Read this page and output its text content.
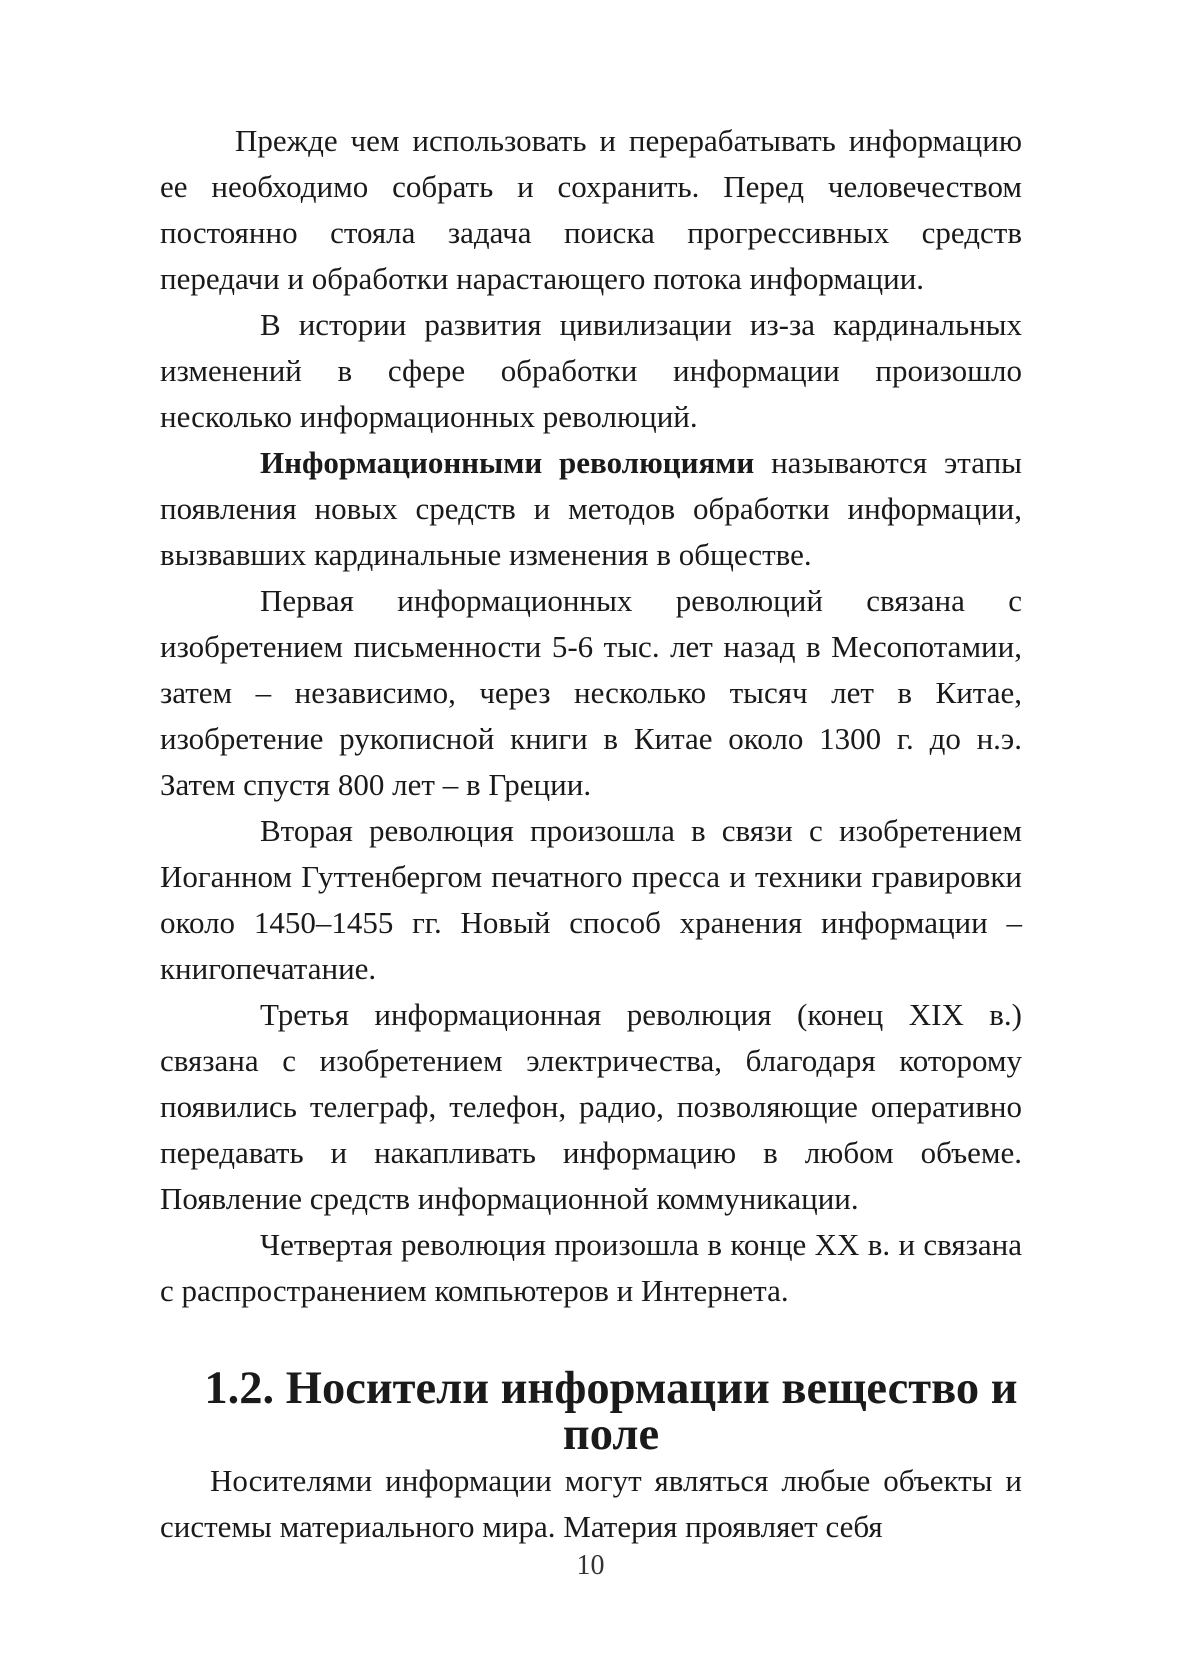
Прежде чем использовать и перерабатывать информацию ее необходимо собрать и сохранить. Перед человечеством постоянно стояла задача поиска прогрессивных средств передачи и обработки нарастающего потока информации.

В истории развития цивилизации из-за кардинальных изменений в сфере обработки информации произошло несколько информационных революций.

Информационными революциями называются этапы появления новых средств и методов обработки информации, вызвавших кардинальные изменения в обществе.

Первая информационных революций связана с изобретением письменности 5-6 тыс. лет назад в Месопотамии, затем – независимо, через несколько тысяч лет в Китае, изобретение рукописной книги в Китае около 1300 г. до н.э. Затем спустя 800 лет – в Греции.

Вторая революция произошла в связи с изобретением Иоганном Гуттенбергом печатного пресса и техники гравировки около 1450–1455 гг. Новый способ хранения информации – книгопечатание.

Третья информационная революция (конец XIX в.) связана с изобретением электричества, благодаря которому появились телеграф, телефон, радио, позволяющие оперативно передавать и накапливать информацию в любом объеме. Появление средств информационной коммуникации.

Четвертая революция произошла в конце XX в. и связана с распространением компьютеров и Интернета.

1.2. Носители информации вещество и поле

Носителями информации могут являться любые объекты и системы материального мира. Материя проявляет себя

10
